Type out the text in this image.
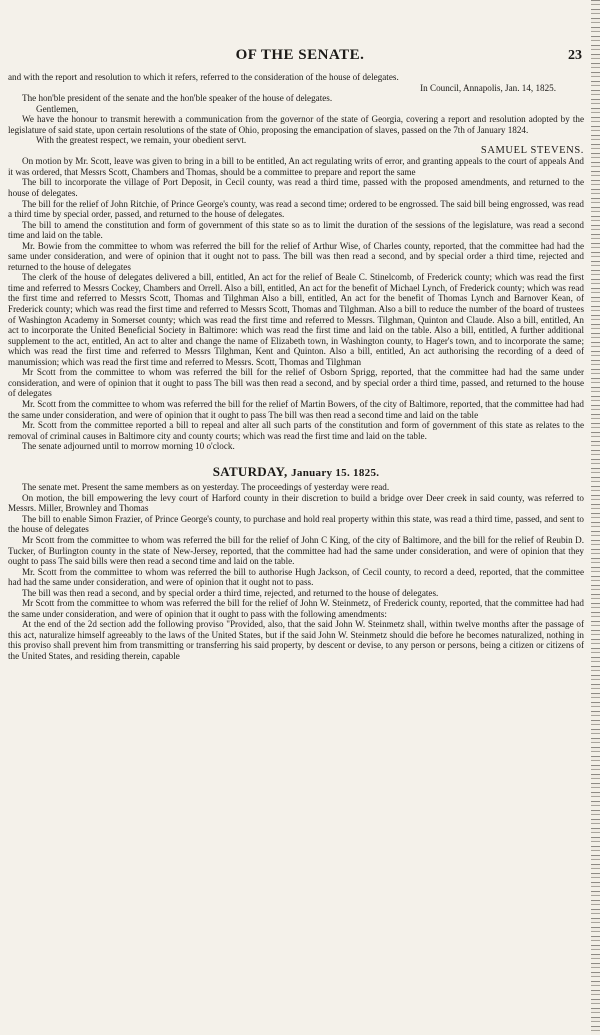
OF THE SENATE.	23

and with the report and resolution to which it refers, referred to the consideration of the house of delegates.

In Council, Annapolis, Jan. 14, 1825.

The hon'ble president of the senate and the hon'ble speaker of the house of delegates.

Gentlemen,

We have the honour to transmit herewith a communication from the governor of the state of Georgia, covering a report and resolution adopted by the legislature of said state, upon certain resolutions of the state of Ohio, proposing the emancipation of slaves, passed on the 7th of January 1824.

With the greatest respect, we remain, your obedient servt.

SAMUEL STEVENS.

On motion by Mr. Scott, leave was given to bring in a bill to be entitled, An act regulating writs of error, and granting appeals to the court of appeals And it was ordered, that Messrs Scott, Chambers and Thomas, should be a committee to prepare and report the same

The bill to incorporate the village of Port Deposit, in Cecil county, was read a third time, passed with the proposed amendments, and returned to the house of delegates.

The bill for the relief of John Ritchie, of Prince George's county, was read a second time; ordered to be engrossed. The said bill being engrossed, was read a third time by special order, passed, and returned to the house of delegates.

The bill to amend the constitution and form of government of this state so as to limit the duration of the sessions of the legislature, was read a second time and laid on the table.

Mr. Bowie from the committee to whom was referred the bill for the relief of Arthur Wise, of Charles county, reported, that the committee had had the same under consideration, and were of opinion that it ought not to pass. The bill was then read a second, and by special order a third time, rejected and returned to the house of delegates

The clerk of the house of delegates delivered a bill, entitled, An act for the relief of Beale C. Stinelcomb, of Frederick county; which was read the first time and referred to Messrs Cockey, Chambers and Orrell. Also a bill, entitled, An act for the benefit of Michael Lynch, of Frederick county; which was read the first time and referred to Messrs Scott, Thomas and Tilghman Also a bill, entitled, An act for the benefit of Thomas Lynch and Barnover Kean, of Frederick county; which was read the first time and referred to Messrs Scott, Thomas and Tilghman. Also a bill to reduce the number of the board of trustees of Washington Academy in Somerset county; which was read the first time and referred to Messrs. Tilghman, Quinton and Claude. Also a bill, entitled, An act to incorporate the United Beneficial Society in Baltimore: which was read the first time and laid on the table. Also a bill, entitled, A further additional supplement to the act, entitled, An act to alter and change the name of Elizabeth town, in Washington county, to Hager's town, and to incorporate the same; which was read the first time and referred to Messrs Tilghman, Kent and Quinton. Also a bill, entitled, An act authorising the recording of a deed of manumission; which was read the first time and referred to Messrs. Scott, Thomas and Tilghman

Mr Scott from the committee to whom was referred the bill for the relief of Osborn Sprigg, reported, that the committee had had the same under consideration, and were of opinion that it ought to pass The bill was then read a second, and by special order a third time, passed, and returned to the house of delegates

Mr. Scott from the committee to whom was referred the bill for the relief of Martin Bowers, of the city of Baltimore, reported, that the committee had had the same under consideration, and were of opinion that it ought to pass The bill was then read a second time and laid on the table

Mr. Scott from the committee reported a bill to repeal and alter all such parts of the constitution and form of government of this state as relates to the removal of criminal causes in Baltimore city and county courts; which was read the first time and laid on the table.

The senate adjourned until to morrow morning 10 o'clock.

SATURDAY, January 15. 1825.

The senate met. Present the same members as on yesterday. The proceedings of yesterday were read.

On motion, the bill empowering the levy court of Harford county in their discretion to build a bridge over Deer creek in said county, was referred to Messrs. Miller, Brownley and Thomas

The bill to enable Simon Frazier, of Prince George's county, to purchase and hold real property within this state, was read a third time, passed, and sent to the house of delegates

Mr Scott from the committee to whom was referred the bill for the relief of John C King, of the city of Baltimore, and the bill for the relief of Reubin D. Tucker, of Burlington county in the state of New-Jersey, reported, that the committee had had the same under consideration, and were of opinion that they ought to pass The said bills were then read a second time and laid on the table.

Mr. Scott from the committee to whom was referred the bill to authorise Hugh Jackson, of Cecil county, to record a deed, reported, that the committee had had the same under consideration, and were of opinion that it ought not to pass.

The bill was then read a second, and by special order a third time, rejected, and returned to the house of delegates.

Mr Scott from the committee to whom was referred the bill for the relief of John W. Steinmetz, of Frederick county, reported, that the committee had had the same under consideration, and were of opinion that it ought to pass with the following amendments:

At the end of the 2d section add the following proviso "Provided, also, that the said John W. Steinmetz shall, within twelve months after the passage of this act, naturalize himself agreeably to the laws of the United States, but if the said John W. Steinmetz should die before he becomes naturalized, nothing in this proviso shall prevent him from transmitting or transferring his said property, by descent or devise, to any person or persons, being a citizen or citizens of the United States, and residing therein, capable
